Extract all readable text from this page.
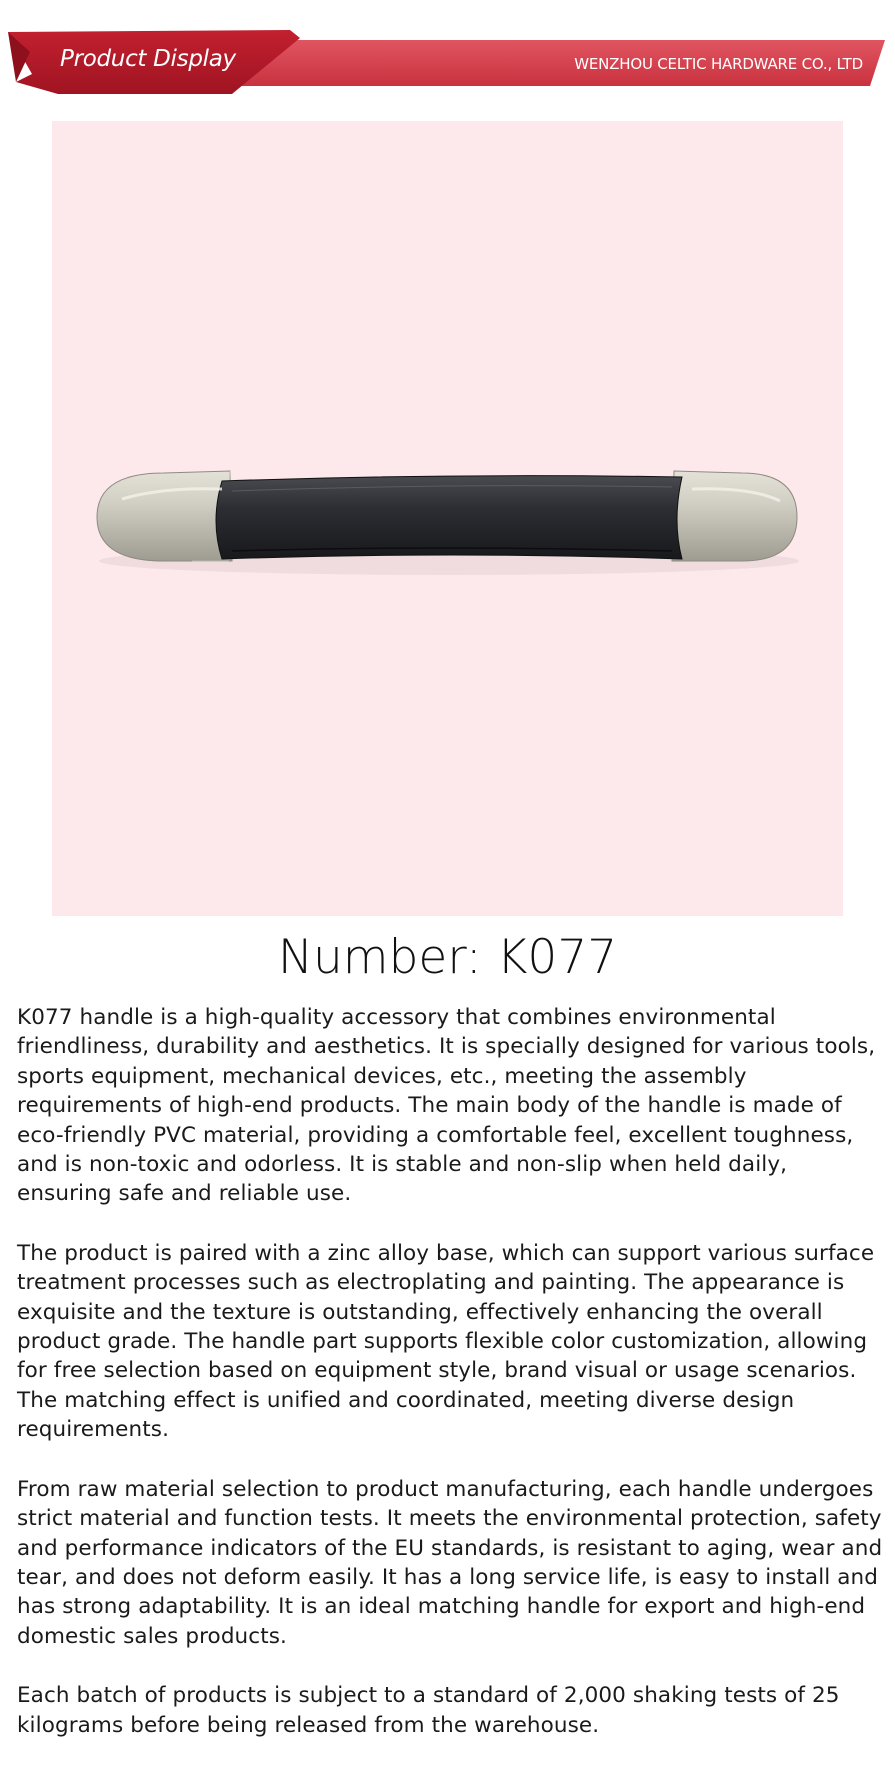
Product Display	WENZHOU CELTIC HARDWARE CO., LTD
Number: K077

K077 handle is a high-quality accessory that combines environmental friendliness, durability and aesthetics. It is specially designed for various tools, sports equipment, mechanical devices, etc., meeting the assembly requirements of high-end products. The main body of the handle is made of eco-friendly PVC material, providing a comfortable feel, excellent toughness, and is non-toxic and odorless. It is stable and non-slip when held daily, ensuring safe and reliable use.

The product is paired with a zinc alloy base, which can support various surface treatment processes such as electroplating and painting. The appearance is exquisite and the texture is outstanding, effectively enhancing the overall product grade. The handle part supports flexible color customization, allowing for free selection based on equipment style, brand visual or usage scenarios. The matching effect is unified and coordinated, meeting diverse design requirements.

From raw material selection to product manufacturing, each handle undergoes strict material and function tests. It meets the environmental protection, safety and performance indicators of the EU standards, is resistant to aging, wear and tear, and does not deform easily. It has a long service life, is easy to install and has strong adaptability. It is an ideal matching handle for export and high-end domestic sales products.

Each batch of products is subject to a standard of 2,000 shaking tests of 25 kilograms before being released from the warehouse.
